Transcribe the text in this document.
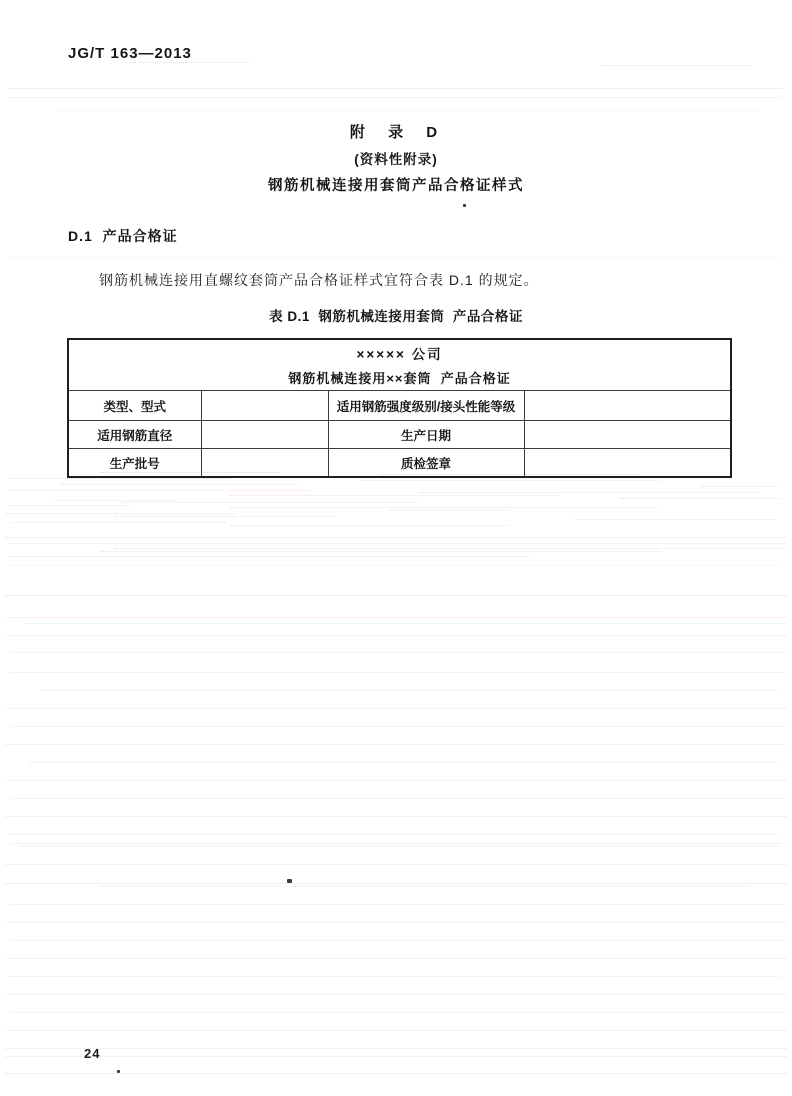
JG/T 163—2013
附 录 D
(资料性附录)
钢筋机械连接用套筒产品合格证样式
D.1  产品合格证
钢筋机械连接用直螺纹套筒产品合格证样式宜符合表 D.1 的规定。
表 D.1  钢筋机械连接用套筒  产品合格证
××××× 公司
钢筋机械连接用××套筒  产品合格证			

类型、型式		适用钢筋强度级别/接头性能等级	
适用钢筋直径		生产日期	
生产批号		质检签章	
24
